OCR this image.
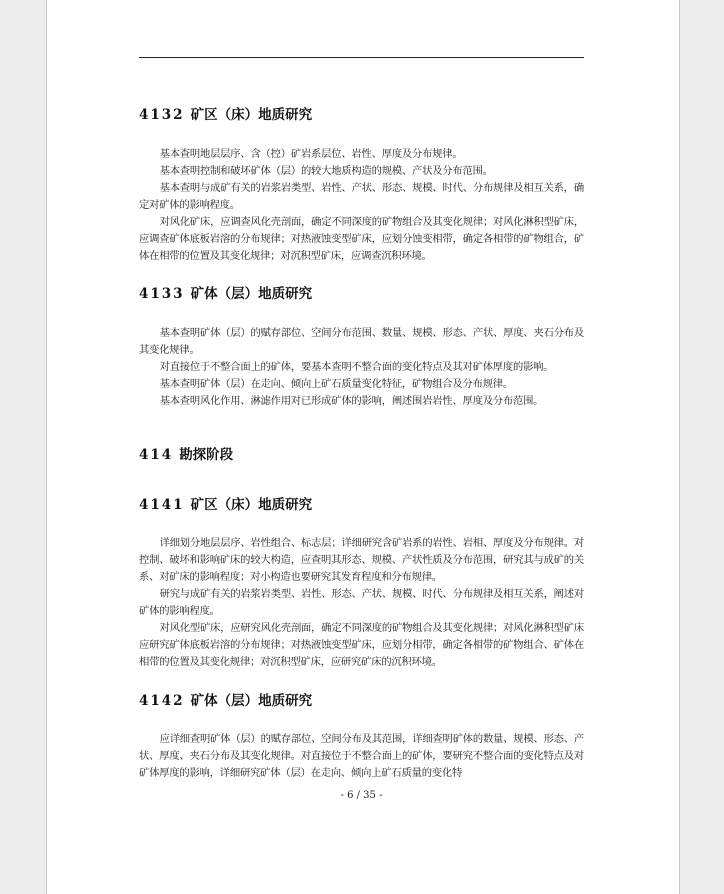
4132 矿区（床）地质研究

基本查明地层层序、含（控）矿岩系层位、岩性、厚度及分布规律。

基本查明控制和破坏矿体（层）的较大地质构造的规模、产状及分布范围。

基本查明与成矿有关的岩浆岩类型、岩性、产状、形态、规模、时代、分布规律及相互关系，确定对矿体的影响程度。

对风化矿床，应调查风化壳剖面，确定不同深度的矿物组合及其变化规律；对风化淋积型矿床，应调查矿体底板岩溶的分布规律；对热液蚀变型矿床，应划分蚀变相带，确定各相带的矿物组合，矿体在相带的位置及其变化规律；对沉积型矿床，应调查沉积环境。

4133 矿体（层）地质研究

基本查明矿体（层）的赋存部位、空间分布范围、数量、规模、形态、产状、厚度、夹石分布及其变化规律。

对直接位于不整合面上的矿体，要基本查明不整合面的变化特点及其对矿体厚度的影响。

基本查明矿体（层）在走向、倾向上矿石质量变化特征，矿物组合及分布规律。

基本查明风化作用、淋滤作用对已形成矿体的影响，阐述围岩岩性、厚度及分布范围。

414 勘探阶段
4141 矿区（床）地质研究

详细划分地层层序、岩性组合、标志层；详细研究含矿岩系的岩性、岩相、厚度及分布规律。对控制、破坏和影响矿床的较大构造，应查明其形态、规模、产状性质及分布范围，研究其与成矿的关系、对矿床的影响程度；对小构造也要研究其发育程度和分布规律。

研究与成矿有关的岩浆岩类型、岩性、形态、产状、规模、时代、分布规律及相互关系，阐述对矿体的影响程度。

对风化型矿床，应研究风化壳剖面，确定不同深度的矿物组合及其变化规律；对风化淋积型矿床应研究矿体底板岩溶的分布规律；对热液蚀变型矿床，应划分相带，确定各相带的矿物组合、矿体在相带的位置及其变化规律；对沉积型矿床，应研究矿床的沉积环境。

4142 矿体（层）地质研究

应详细查明矿体（层）的赋存部位、空间分布及其范围，详细查明矿体的数量、规模、形态、产状、厚度、夹石分布及其变化规律。对直接位于不整合面上的矿体，要研究不整合面的变化特点及对矿体厚度的影响，详细研究矿体（层）在走向、倾向上矿石质量的变化特

- 6 / 35 -
